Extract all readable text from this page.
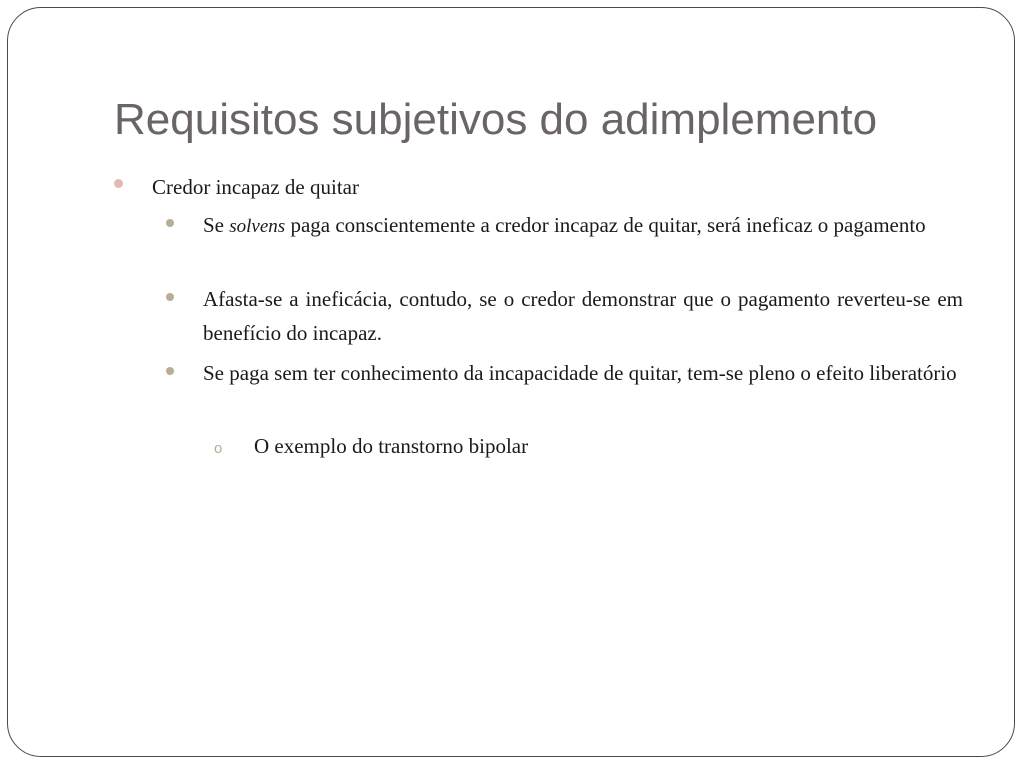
Requisitos subjetivos do adimplemento
Credor incapaz de quitar
Se solvens paga conscientemente a credor incapaz de quitar, será ineficaz o pagamento
Afasta-se a ineficácia, contudo, se o credor demonstrar que o pagamento reverteu-se em benefício do incapaz.
Se paga sem ter conhecimento da incapacidade de quitar, tem-se pleno o efeito liberatório
o O exemplo do transtorno bipolar
